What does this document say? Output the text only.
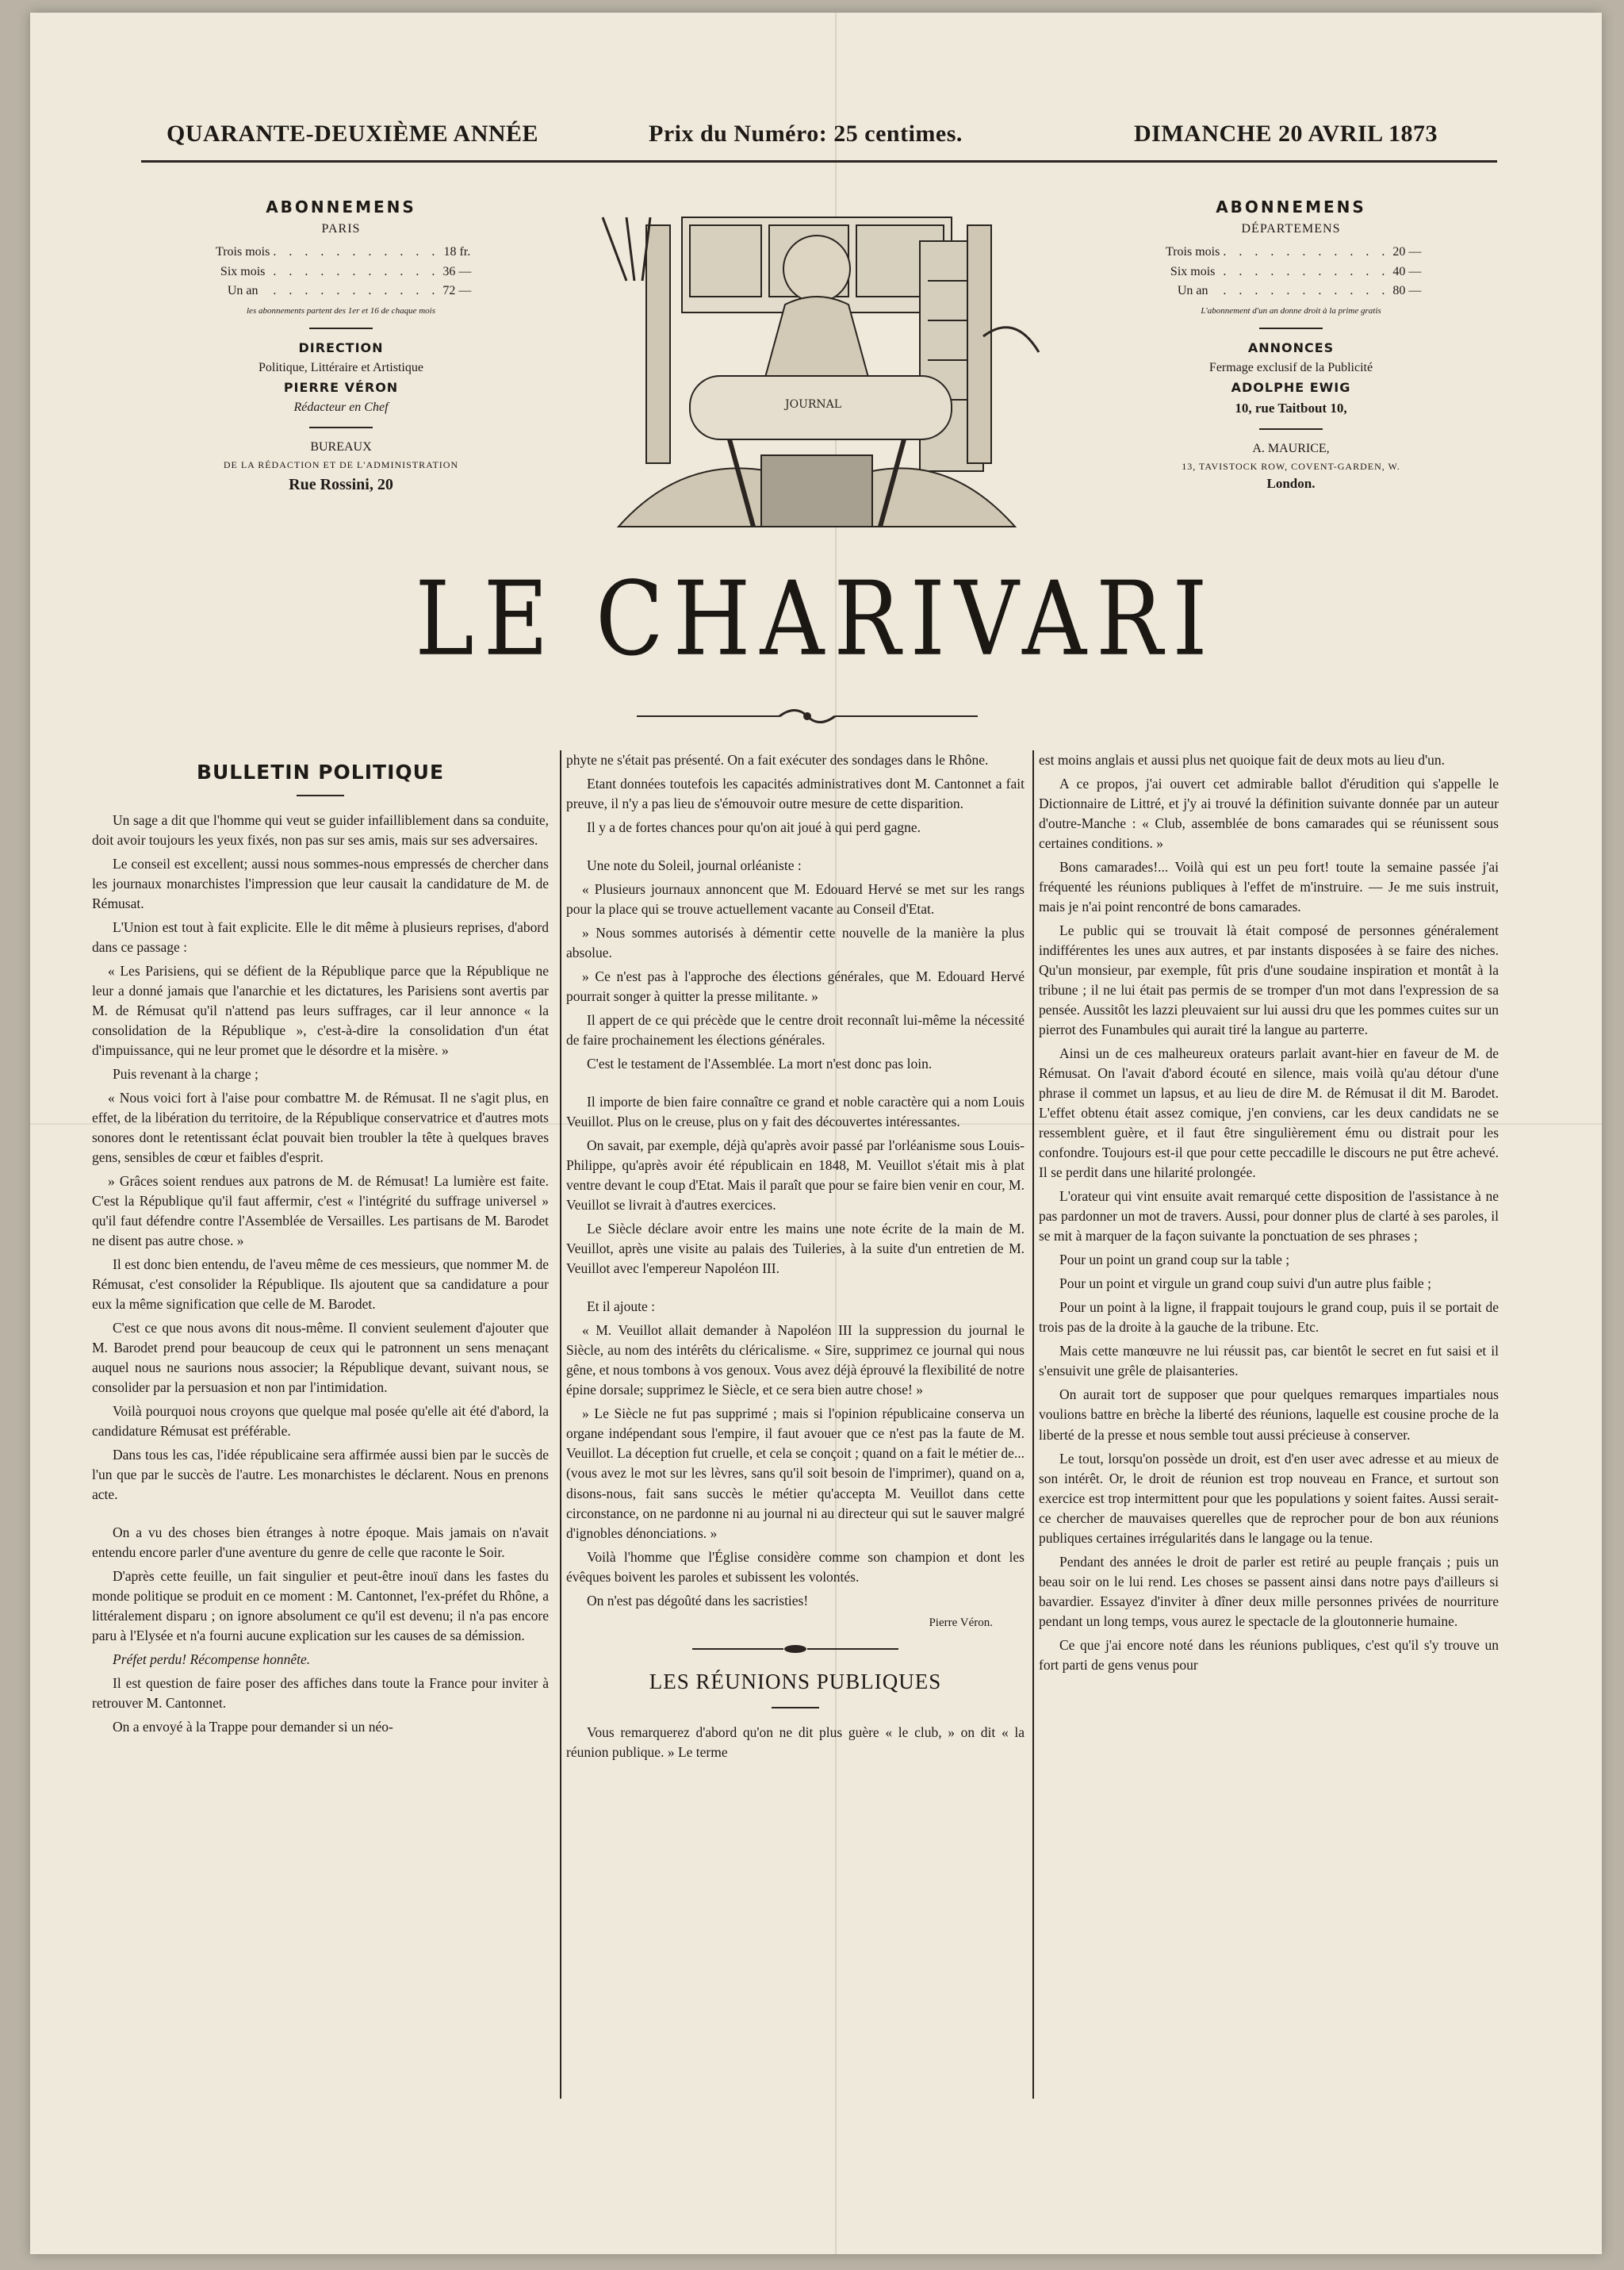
QUARANTE-DEUXIÈME ANNÉE	Prix du Numéro: 25 centimes.	DIMANCHE 20 AVRIL 1873
ABONNEMENS
PARIS
Trois mois	. . . . . . . . . . .	18 fr.
Six mois	. . . . . . . . . . .	36 —
Un an	. . . . . . . . . . .	72 —
les abonnements partent des 1er et 16 de chaque mois
DIRECTION
Politique, Littéraire et Artistique
PIERRE VÉRON
Rédacteur en Chef
BUREAUX
DE LA RÉDACTION ET DE L'ADMINISTRATION
Rue Rossini, 20
ABONNEMENS
DÉPARTEMENS
Trois mois	. . . . . . . . . . .	20 —
Six mois	. . . . . . . . . . .	40 —
Un an	. . . . . . . . . . .	80 —
L'abonnement d'un an donne droit à la prime gratis
ANNONCES
Fermage exclusif de la Publicité
ADOLPHE EWIG
10, rue Taitbout 10,
A. MAURICE,
13, TAVISTOCK ROW, COVENT-GARDEN, W.
London.
JOURNAL
LE CHARIVARI
BULLETIN POLITIQUE

Un sage a dit que l'homme qui veut se guider infailliblement dans sa conduite, doit avoir toujours les yeux fixés, non pas sur ses amis, mais sur ses adversaires.

Le conseil est excellent; aussi nous sommes-nous empressés de chercher dans les journaux monarchistes l'impression que leur causait la candidature de M. de Rémusat.

L'Union est tout à fait explicite. Elle le dit même à plusieurs reprises, d'abord dans ce passage :

« Les Parisiens, qui se défient de la République parce que la République ne leur a donné jamais que l'anarchie et les dictatures, les Parisiens sont avertis par M. de Rémusat qu'il n'attend pas leurs suffrages, car il leur annonce « la consolidation de la République », c'est-à-dire la consolidation d'un état d'impuissance, qui ne leur promet que le désordre et la misère. »

Puis revenant à la charge ;

« Nous voici fort à l'aise pour combattre M. de Rémusat. Il ne s'agit plus, en effet, de la libération du territoire, de la République conservatrice et d'autres mots sonores dont le retentissant éclat pouvait bien troubler la tête à quelques braves gens, sensibles de cœur et faibles d'esprit.

» Grâces soient rendues aux patrons de M. de Rémusat! La lumière est faite. C'est la République qu'il faut affermir, c'est « l'intégrité du suffrage universel » qu'il faut défendre contre l'Assemblée de Versailles. Les partisans de M. Barodet ne disent pas autre chose. »

Il est donc bien entendu, de l'aveu même de ces messieurs, que nommer M. de Rémusat, c'est consolider la République. Ils ajoutent que sa candidature a pour eux la même signification que celle de M. Barodet.

C'est ce que nous avons dit nous-même. Il convient seulement d'ajouter que M. Barodet prend pour beaucoup de ceux qui le patronnent un sens menaçant auquel nous ne saurions nous associer; la République devant, suivant nous, se consolider par la persuasion et non par l'intimidation.

Voilà pourquoi nous croyons que quelque mal posée qu'elle ait été d'abord, la candidature Rémusat est préférable.

Dans tous les cas, l'idée républicaine sera affirmée aussi bien par le succès de l'un que par le succès de l'autre. Les monarchistes le déclarent. Nous en prenons acte.

On a vu des choses bien étranges à notre époque. Mais jamais on n'avait entendu encore parler d'une aventure du genre de celle que raconte le Soir.

D'après cette feuille, un fait singulier et peut-être inouï dans les fastes du monde politique se produit en ce moment : M. Cantonnet, l'ex-préfet du Rhône, a littéralement disparu ; on ignore absolument ce qu'il est devenu; il n'a pas encore paru à l'Elysée et n'a fourni aucune explication sur les causes de sa démission.

Préfet perdu! Récompense honnête.

Il est question de faire poser des affiches dans toute la France pour inviter à retrouver M. Cantonnet.

On a envoyé à la Trappe pour demander si un néo-

phyte ne s'était pas présenté. On a fait exécuter des sondages dans le Rhône.

Etant données toutefois les capacités administratives dont M. Cantonnet a fait preuve, il n'y a pas lieu de s'émouvoir outre mesure de cette disparition.

Il y a de fortes chances pour qu'on ait joué à qui perd gagne.

Une note du Soleil, journal orléaniste :

« Plusieurs journaux annoncent que M. Edouard Hervé se met sur les rangs pour la place qui se trouve actuellement vacante au Conseil d'Etat.

» Nous sommes autorisés à démentir cette nouvelle de la manière la plus absolue.

» Ce n'est pas à l'approche des élections générales, que M. Edouard Hervé pourrait songer à quitter la presse militante. »

Il appert de ce qui précède que le centre droit reconnaît lui-même la nécessité de faire prochainement les élections générales.

C'est le testament de l'Assemblée. La mort n'est donc pas loin.

Il importe de bien faire connaître ce grand et noble caractère qui a nom Louis Veuillot. Plus on le creuse, plus on y fait des découvertes intéressantes.

On savait, par exemple, déjà qu'après avoir passé par l'orléanisme sous Louis-Philippe, qu'après avoir été républicain en 1848, M. Veuillot s'était mis à plat ventre devant le coup d'Etat. Mais il paraît que pour se faire bien venir en cour, M. Veuillot se livrait à d'autres exercices.

Le Siècle déclare avoir entre les mains une note écrite de la main de M. Veuillot, après une visite au palais des Tuileries, à la suite d'un entretien de M. Veuillot avec l'empereur Napoléon III.

Et il ajoute :

« M. Veuillot allait demander à Napoléon III la suppression du journal le Siècle, au nom des intérêts du cléricalisme. « Sire, supprimez ce journal qui nous gêne, et nous tombons à vos genoux. Vous avez déjà éprouvé la flexibilité de notre épine dorsale; supprimez le Siècle, et ce sera bien autre chose! »

» Le Siècle ne fut pas supprimé ; mais si l'opinion républicaine conserva un organe indépendant sous l'empire, il faut avouer que ce n'est pas la faute de M. Veuillot. La déception fut cruelle, et cela se conçoit ; quand on a fait le métier de... (vous avez le mot sur les lèvres, sans qu'il soit besoin de l'imprimer), quand on a, disons-nous, fait sans succès le métier qu'accepta M. Veuillot dans cette circonstance, on ne pardonne ni au journal ni au directeur qui sut le sauver malgré d'ignobles dénonciations. »

Voilà l'homme que l'Église considère comme son champion et dont les évêques boivent les paroles et subissent les volontés.

On n'est pas dégoûté dans les sacristies!

Pierre Véron.

LES RÉUNIONS PUBLIQUES

Vous remarquerez d'abord qu'on ne dit plus guère « le club, » on dit « la réunion publique. » Le terme

est moins anglais et aussi plus net quoique fait de deux mots au lieu d'un.

A ce propos, j'ai ouvert cet admirable ballot d'érudition qui s'appelle le Dictionnaire de Littré, et j'y ai trouvé la définition suivante donnée par un auteur d'outre-Manche : « Club, assemblée de bons camarades qui se réunissent sous certaines conditions. »

Bons camarades!... Voilà qui est un peu fort! toute la semaine passée j'ai fréquenté les réunions publiques à l'effet de m'instruire. — Je me suis instruit, mais je n'ai point rencontré de bons camarades.

Le public qui se trouvait là était composé de personnes généralement indifférentes les unes aux autres, et par instants disposées à se faire des niches. Qu'un monsieur, par exemple, fût pris d'une soudaine inspiration et montât à la tribune ; il ne lui était pas permis de se tromper d'un mot dans l'expression de sa pensée. Aussitôt les lazzi pleuvaient sur lui aussi dru que les pommes cuites sur un pierrot des Funambules qui aurait tiré la langue au parterre.

Ainsi un de ces malheureux orateurs parlait avant-hier en faveur de M. de Rémusat. On l'avait d'abord écouté en silence, mais voilà qu'au détour d'une phrase il commet un lapsus, et au lieu de dire M. de Rémusat il dit M. Barodet. L'effet obtenu était assez comique, j'en conviens, car les deux candidats ne se ressemblent guère, et il faut être singulièrement ému ou distrait pour les confondre. Toujours est-il que pour cette peccadille le discours ne put être achevé. Il se perdit dans une hilarité prolongée.

L'orateur qui vint ensuite avait remarqué cette disposition de l'assistance à ne pas pardonner un mot de travers. Aussi, pour donner plus de clarté à ses paroles, il se mit à marquer de la façon suivante la ponctuation de ses phrases ;

Pour un point un grand coup sur la table ;

Pour un point et virgule un grand coup suivi d'un autre plus faible ;

Pour un point à la ligne, il frappait toujours le grand coup, puis il se portait de trois pas de la droite à la gauche de la tribune. Etc.

Mais cette manœuvre ne lui réussit pas, car bientôt le secret en fut saisi et il s'ensuivit une grêle de plaisanteries.

On aurait tort de supposer que pour quelques remarques impartiales nous voulions battre en brèche la liberté des réunions, laquelle est cousine proche de la liberté de la presse et nous semble tout aussi précieuse à conserver.

Le tout, lorsqu'on possède un droit, est d'en user avec adresse et au mieux de son intérêt. Or, le droit de réunion est trop nouveau en France, et surtout son exercice est trop intermittent pour que les populations y soient faites. Aussi serait-ce chercher de mauvaises querelles que de reprocher pour de bon aux réunions publiques certaines irrégularités dans le langage ou la tenue.

Pendant des années le droit de parler est retiré au peuple français ; puis un beau soir on le lui rend. Les choses se passent ainsi dans notre pays d'ailleurs si bavardier. Essayez d'inviter à dîner deux mille personnes privées de nourriture pendant un long temps, vous aurez le spectacle de la gloutonnerie humaine.

Ce que j'ai encore noté dans les réunions publiques, c'est qu'il s'y trouve un fort parti de gens venus pour
